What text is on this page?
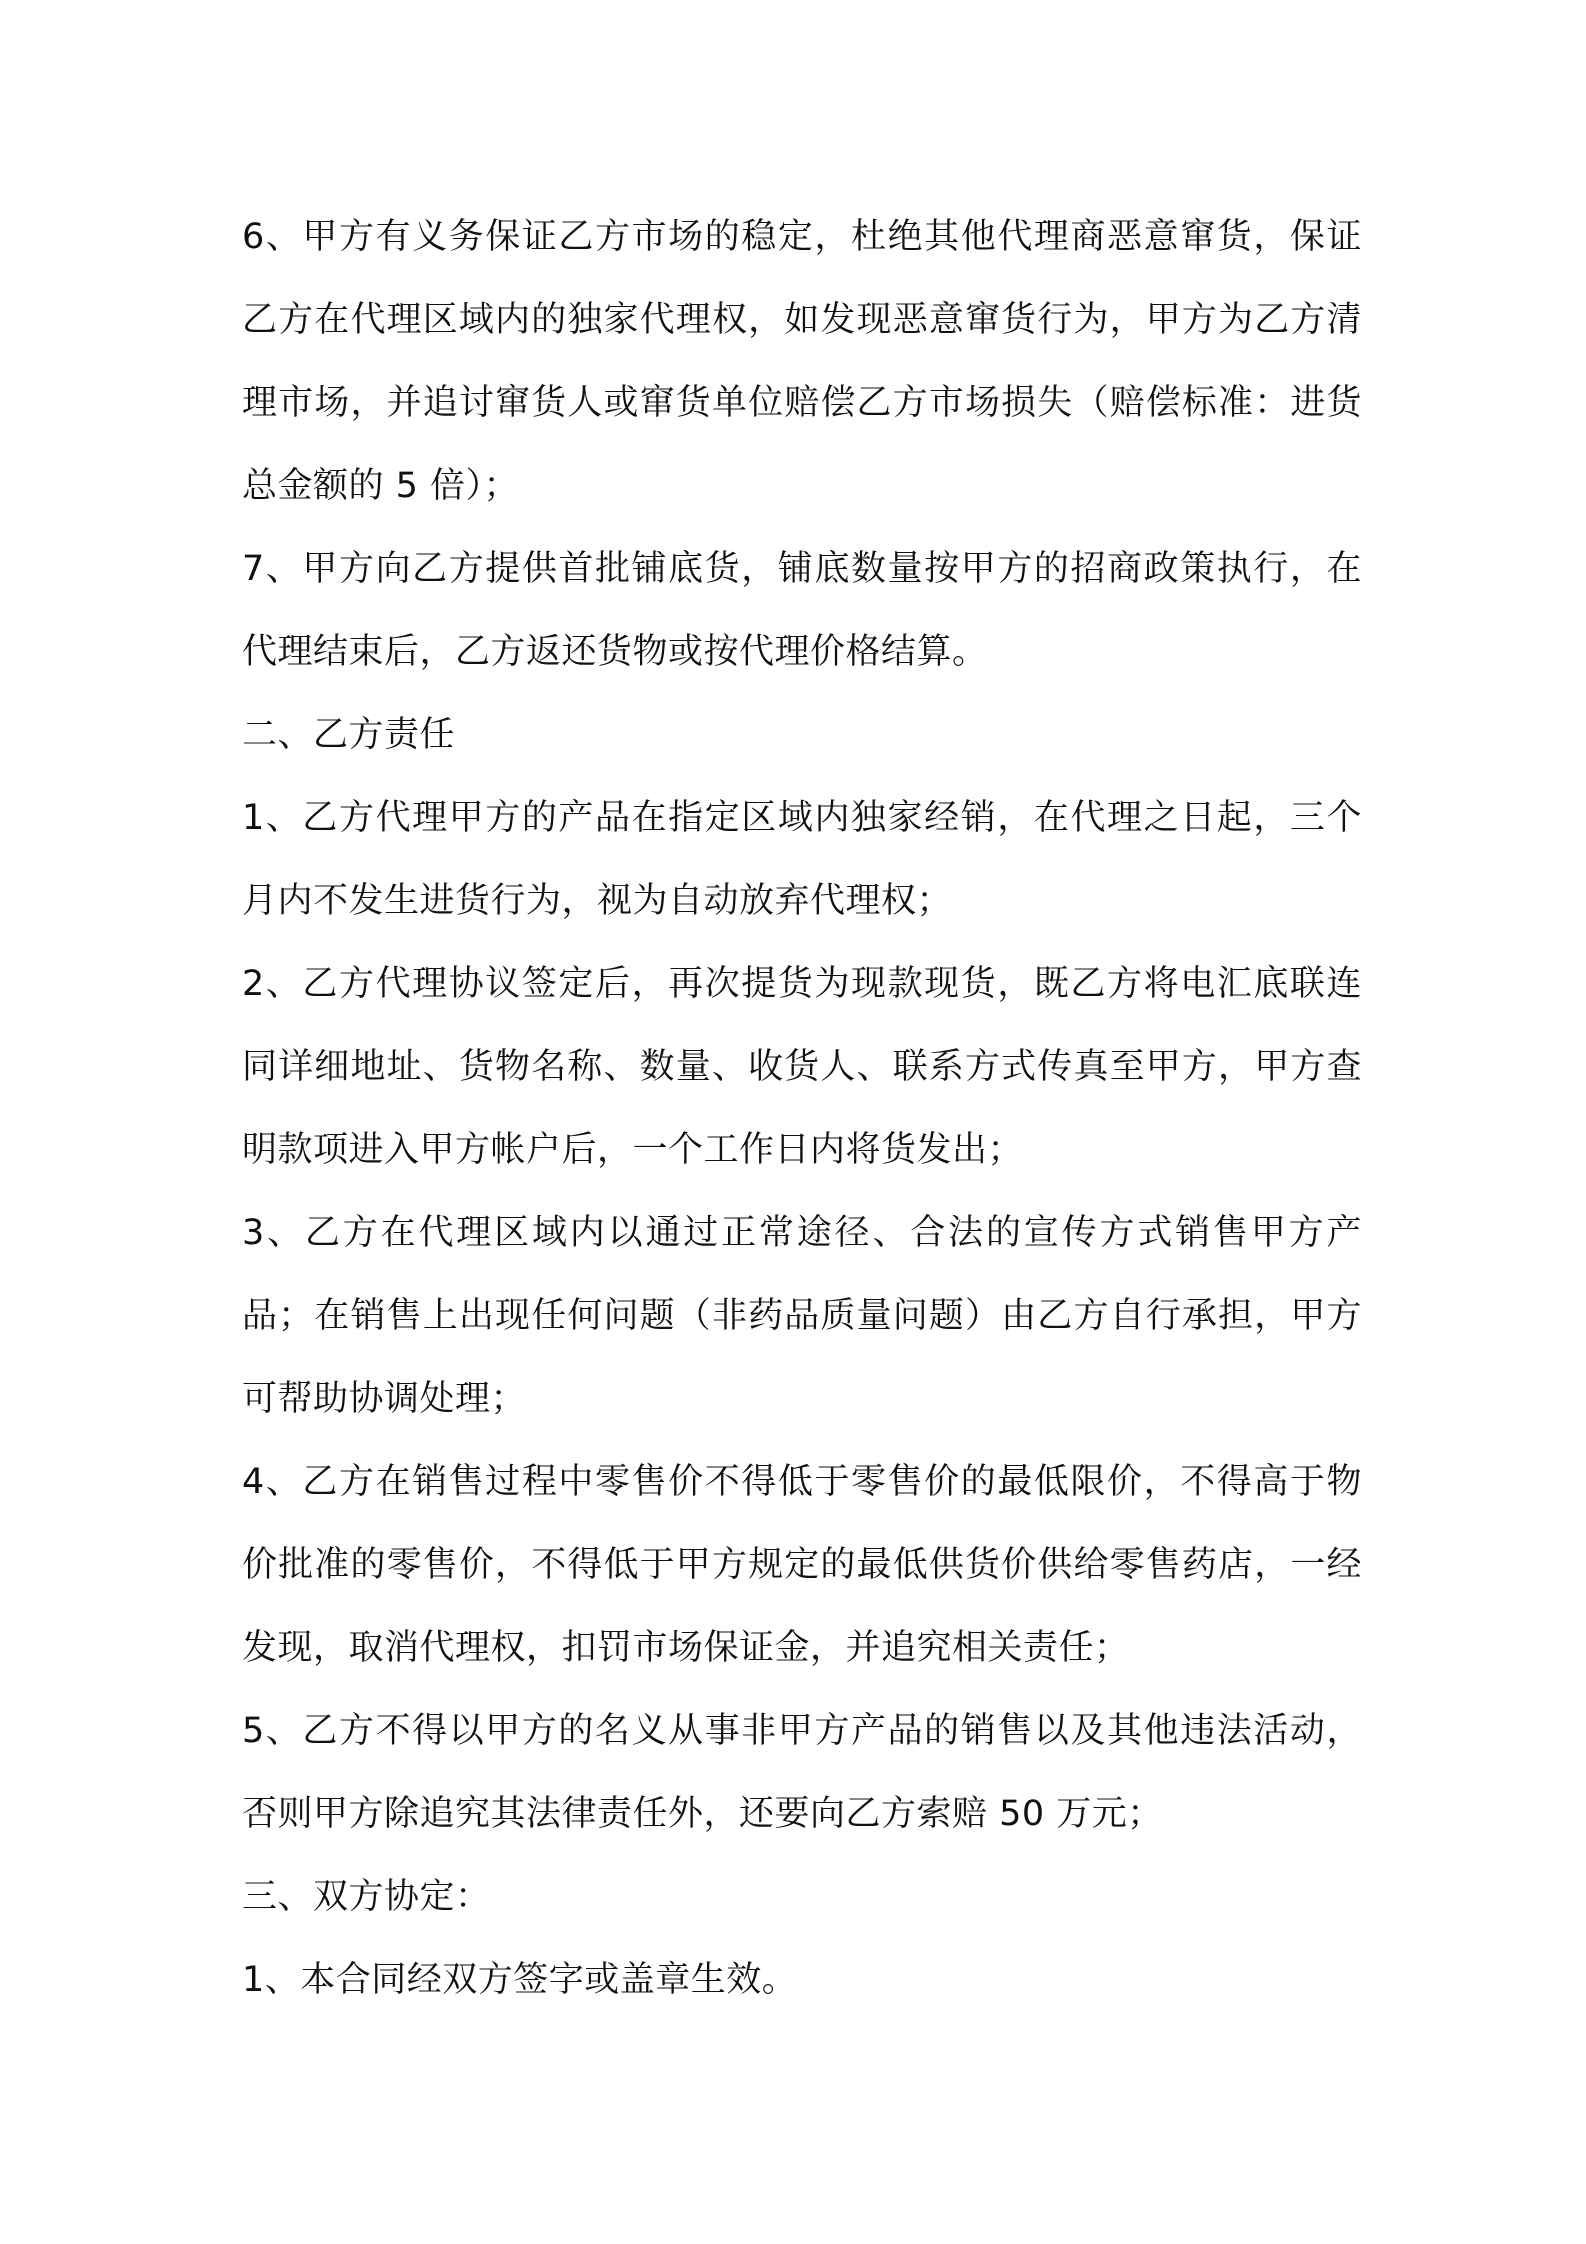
6、甲方有义务保证乙方市场的稳定，杜绝其他代理商恶意窜货，保证乙方在代理区域内的独家代理权，如发现恶意窜货行为，甲方为乙方清理市场，并追讨窜货人或窜货单位赔偿乙方市场损失（赔偿标准：进货总金额的 5 倍）；

7、甲方向乙方提供首批铺底货，铺底数量按甲方的招商政策执行，在代理结束后，乙方返还货物或按代理价格结算。

二、乙方责任

1、乙方代理甲方的产品在指定区域内独家经销，在代理之日起，三个月内不发生进货行为，视为自动放弃代理权；

2、乙方代理协议签定后，再次提货为现款现货，既乙方将电汇底联连同详细地址、货物名称、数量、收货人、联系方式传真至甲方，甲方查明款项进入甲方帐户后，一个工作日内将货发出；

3、乙方在代理区域内以通过正常途径、合法的宣传方式销售甲方产品；在销售上出现任何问题（非药品质量问题）由乙方自行承担，甲方可帮助协调处理；

4、乙方在销售过程中零售价不得低于零售价的最低限价，不得高于物价批准的零售价，不得低于甲方规定的最低供货价供给零售药店，一经发现，取消代理权，扣罚市场保证金，并追究相关责任；

5、乙方不得以甲方的名义从事非甲方产品的销售以及其他违法活动，否则甲方除追究其法律责任外，还要向乙方索赔 50 万元；

三、双方协定：

1、本合同经双方签字或盖章生效。
